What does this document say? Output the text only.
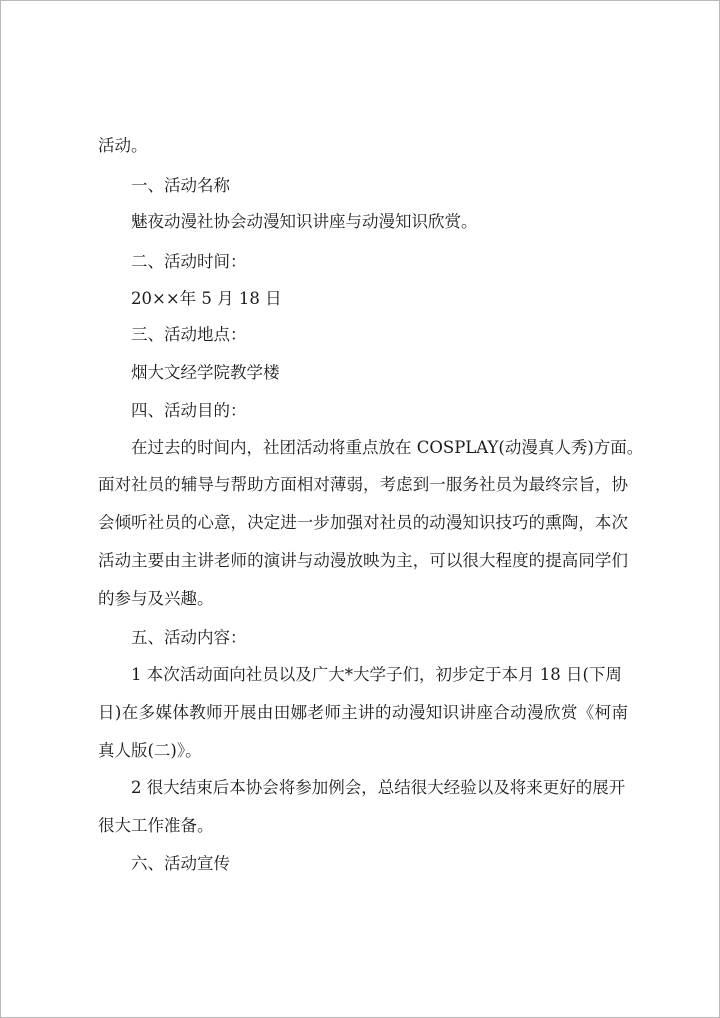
活动。
一、活动名称
魅夜动漫社协会动漫知识讲座与动漫知识欣赏。
二、活动时间：
20××年 5 月 18 日
三、活动地点：
烟大文经学院教学楼
四、活动目的：
在过去的时间内，社团活动将重点放在 COSPLAY(动漫真人秀)方面。
面对社员的辅导与帮助方面相对薄弱，考虑到一服务社员为最终宗旨，协
会倾听社员的心意，决定进一步加强对社员的动漫知识技巧的熏陶，本次
活动主要由主讲老师的演讲与动漫放映为主，可以很大程度的提高同学们
的参与及兴趣。
五、活动内容：
1 本次活动面向社员以及广大*大学子们，初步定于本月 18 日(下周
日)在多媒体教师开展由田娜老师主讲的动漫知识讲座合动漫欣赏《柯南
真人版(二)》。
2 很大结束后本协会将参加例会，总结很大经验以及将来更好的展开
很大工作准备。
六、活动宣传
